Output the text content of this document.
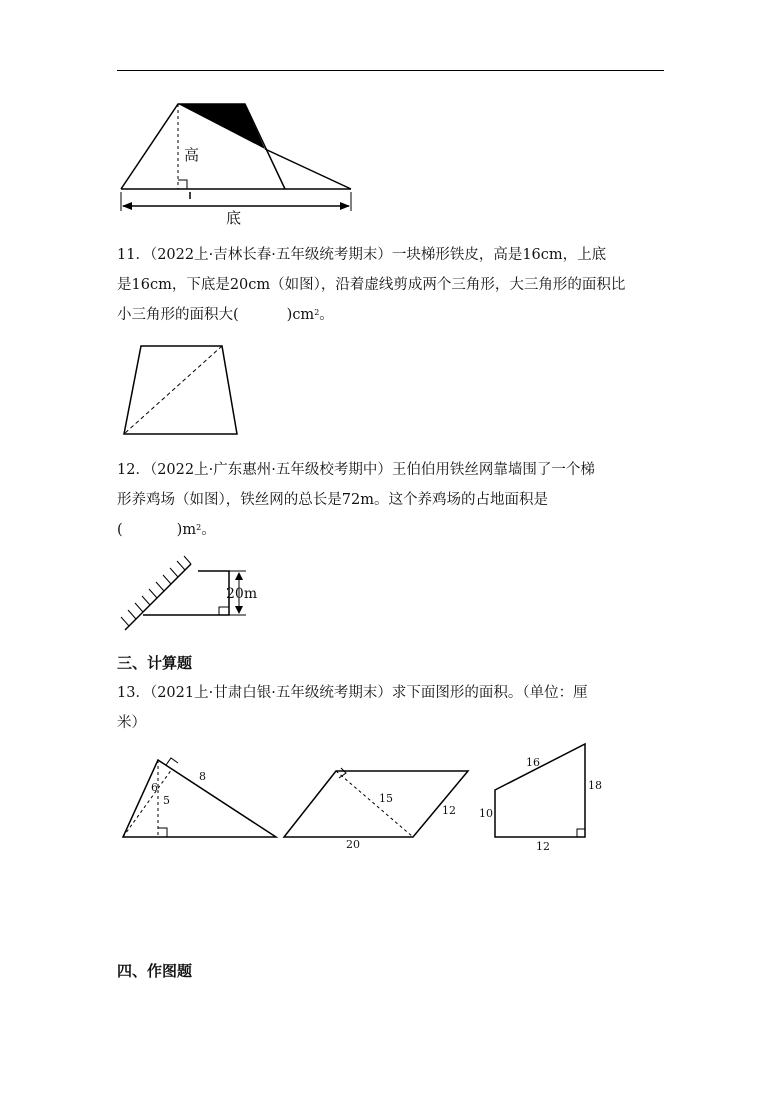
高
底
11．（2022上·吉林长春·五年级统考期末）一块梯形铁皮，高是16cm，上底
是16cm，下底是20cm（如图），沿着虚线剪成两个三角形，大三角形的面积比
小三角形的面积大(	)$cm^2$。
12．（2022上·广东惠州·五年级校考期中）王伯伯用铁丝网靠墙围了一个梯
形养鸡场（如图），铁丝网的总长是72m。这个养鸡场的占地面积是
(	)$m^2$。
20m
三、计算题
13．（2021上·甘肃白银·五年级统考期末）求下面图形的面积。（单位：厘
米）
8
6
5	15
12
20
16
18
10
12
四、作图题
